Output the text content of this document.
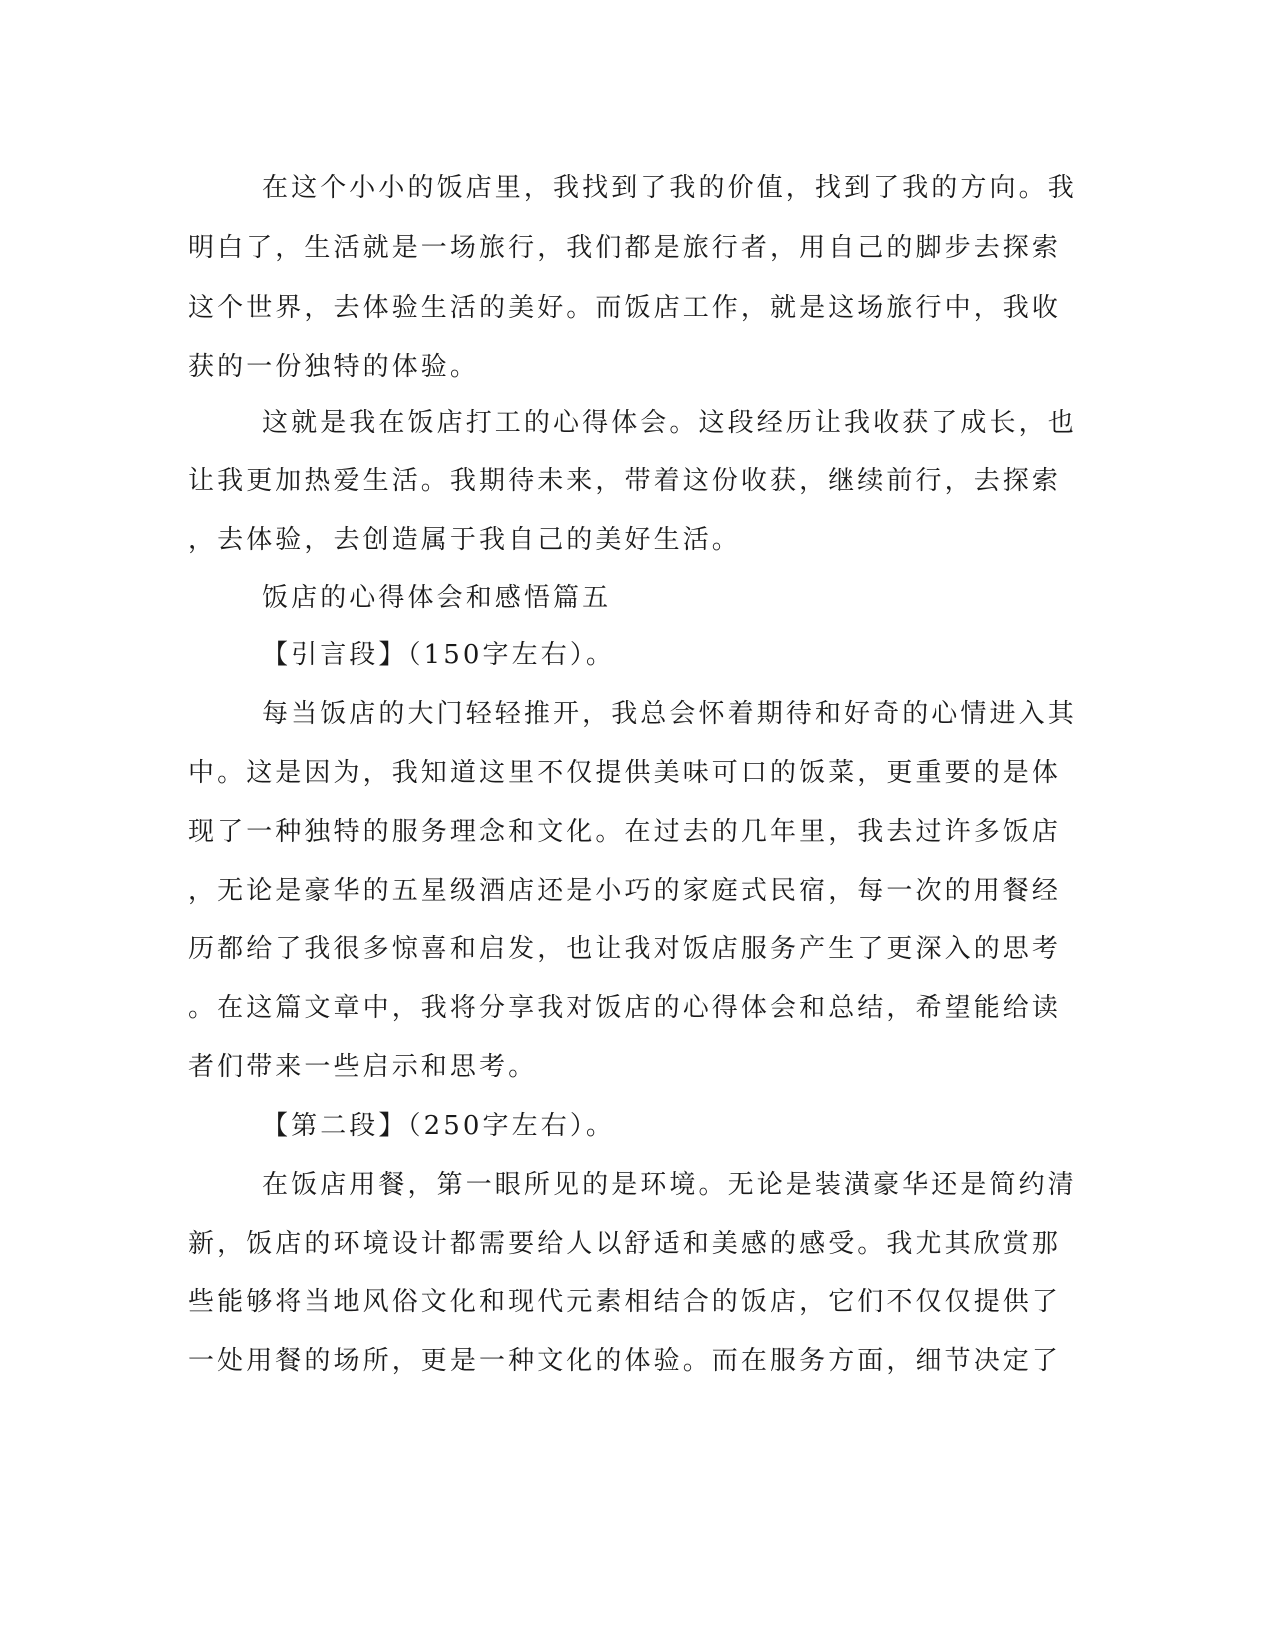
在这个小小的饭店里，我找到了我的价值，找到了我的方向。我
明白了，生活就是一场旅行，我们都是旅行者，用自己的脚步去探索
这个世界，去体验生活的美好。而饭店工作，就是这场旅行中，我收
获的一份独特的体验。
这就是我在饭店打工的心得体会。这段经历让我收获了成长，也
让我更加热爱生活。我期待未来，带着这份收获，继续前行，去探索
，去体验，去创造属于我自己的美好生活。
饭店的心得体会和感悟篇五
【引言段】（150字左右）。
每当饭店的大门轻轻推开，我总会怀着期待和好奇的心情进入其
中。这是因为，我知道这里不仅提供美味可口的饭菜，更重要的是体
现了一种独特的服务理念和文化。在过去的几年里，我去过许多饭店
，无论是豪华的五星级酒店还是小巧的家庭式民宿，每一次的用餐经
历都给了我很多惊喜和启发，也让我对饭店服务产生了更深入的思考
。在这篇文章中，我将分享我对饭店的心得体会和总结，希望能给读
者们带来一些启示和思考。
【第二段】（250字左右）。
在饭店用餐，第一眼所见的是环境。无论是装潢豪华还是简约清
新，饭店的环境设计都需要给人以舒适和美感的感受。我尤其欣赏那
些能够将当地风俗文化和现代元素相结合的饭店，它们不仅仅提供了
一处用餐的场所，更是一种文化的体验。而在服务方面，细节决定了
